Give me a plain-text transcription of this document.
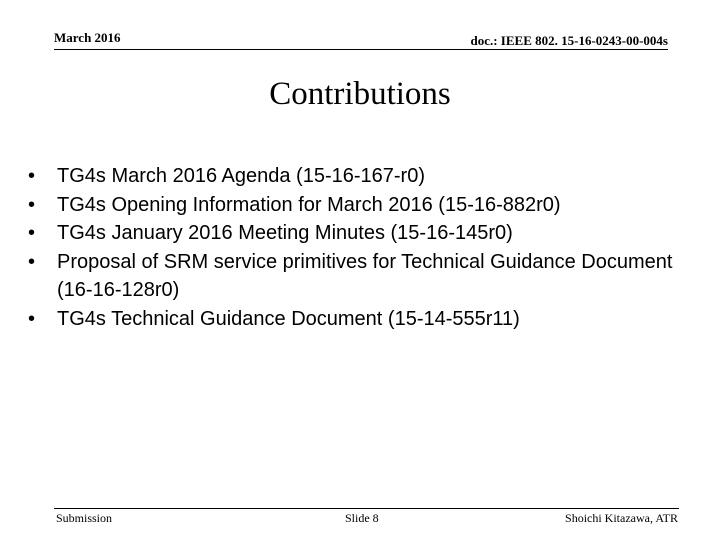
March 2016	doc.: IEEE 802. 15-16-0243-00-004s
Contributions
• TG4s March 2016 Agenda (15-16-167-r0)
• TG4s Opening Information for March 2016 (15-16-882r0)
• TG4s January 2016 Meeting Minutes (15-16-145r0)
• Proposal of SRM service primitives for Technical Guidance Document (16-16-128r0)
• TG4s Technical Guidance Document (15-14-555r11)
Submission	Slide 8	Shoichi Kitazawa, ATR
